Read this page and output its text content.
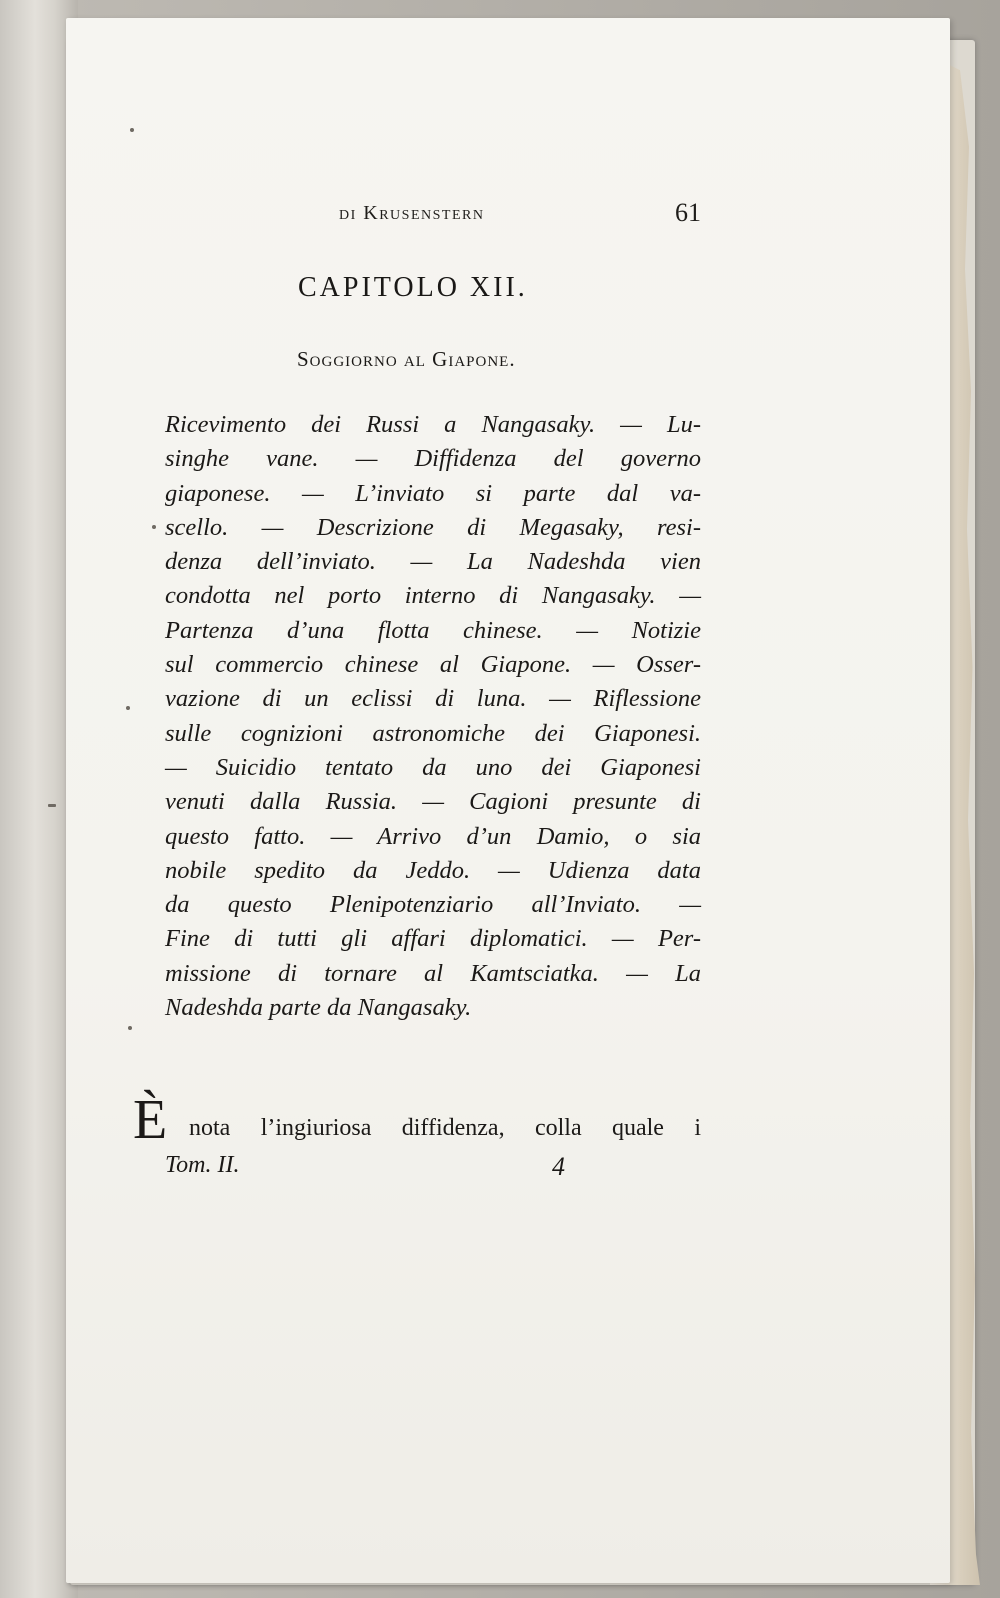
di Krusenstern	61
CAPITOLO XII.
Soggiorno al Giapone.
Ricevimento dei Russi a Nangasaky. — Lu-
singhe vane. — Diffidenza del governo
giaponese. — L’inviato si parte dal va-
scello. — Descrizione di Megasaky, resi-
denza dell’inviato. — La Nadeshda vien
condotta nel porto interno di Nangasaky. —
Partenza d’una flotta chinese. — Notizie
sul commercio chinese al Giapone. — Osser-
vazione di un eclissi di luna. — Riflessione
sulle cognizioni astronomiche dei Giaponesi.
— Suicidio tentato da uno dei Giaponesi
venuti dalla Russia. — Cagioni presunte di
questo fatto. — Arrivo d’un Damio, o sia
nobile spedito da Jeddo. — Udienza data
da questo Plenipotenziario all’Inviato. —
Fine di tutti gli affari diplomatici. — Per-
missione di tornare al Kamtsciatka. — La
Nadeshda parte da Nangasaky.
È nota l’ingiuriosa diffidenza, colla quale i
Tom. II.	4
